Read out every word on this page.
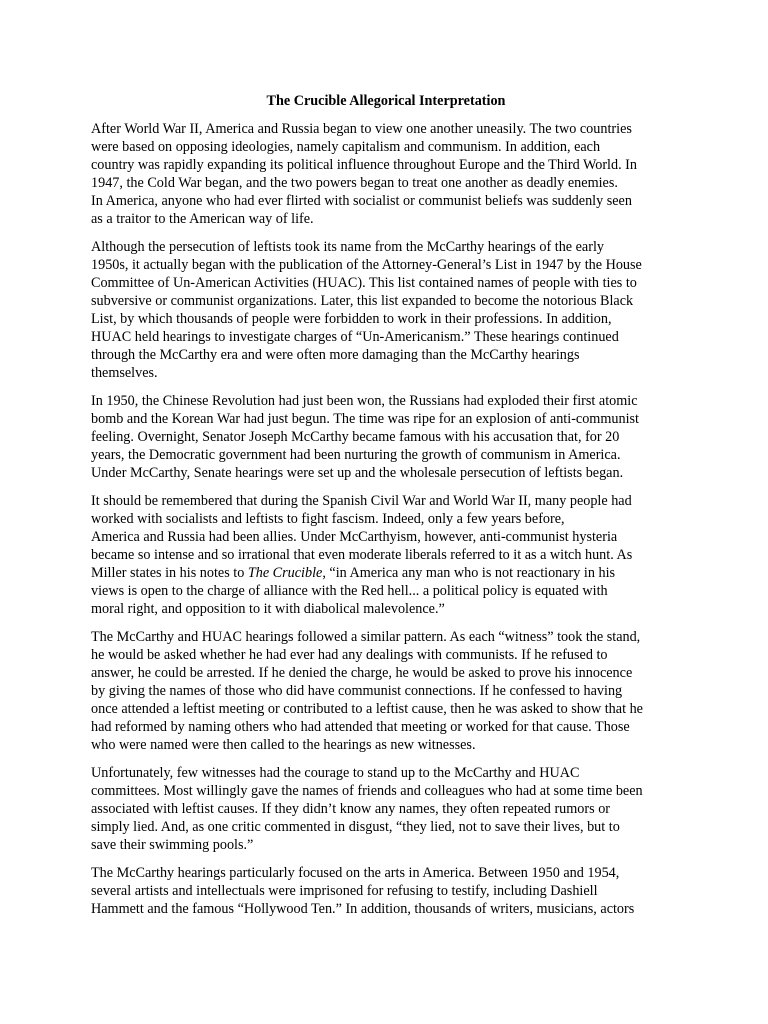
The Crucible Allegorical Interpretation

After World War II, America and Russia began to view one another uneasily. The two countries
were based on opposing ideologies, namely capitalism and communism. In addition, each
country was rapidly expanding its political influence throughout Europe and the Third World. In
1947, the Cold War began, and the two powers began to treat one another as deadly enemies.
In America, anyone who had ever flirted with socialist or communist beliefs was suddenly seen
as a traitor to the American way of life.

Although the persecution of leftists took its name from the McCarthy hearings of the early
1950s, it actually began with the publication of the Attorney-General’s List in 1947 by the House
Committee of Un-American Activities (HUAC). This list contained names of people with ties to
subversive or communist organizations. Later, this list expanded to become the notorious Black
List, by which thousands of people were forbidden to work in their professions. In addition,
HUAC held hearings to investigate charges of “Un-Americanism.” These hearings continued
through the McCarthy era and were often more damaging than the McCarthy hearings
themselves.

In 1950, the Chinese Revolution had just been won, the Russians had exploded their first atomic
bomb and the Korean War had just begun. The time was ripe for an explosion of anti-communist
feeling. Overnight, Senator Joseph McCarthy became famous with his accusation that, for 20
years, the Democratic government had been nurturing the growth of communism in America.
Under McCarthy, Senate hearings were set up and the wholesale persecution of leftists began.

It should be remembered that during the Spanish Civil War and World War II, many people had
worked with socialists and leftists to fight fascism. Indeed, only a few years before,
America and Russia had been allies. Under McCarthyism, however, anti-communist hysteria
became so intense and so irrational that even moderate liberals referred to it as a witch hunt. As
Miller states in his notes to The Crucible, “in America any man who is not reactionary in his
views is open to the charge of alliance with the Red hell... a political policy is equated with
moral right, and opposition to it with diabolical malevolence.”

The McCarthy and HUAC hearings followed a similar pattern. As each “witness” took the stand,
he would be asked whether he had ever had any dealings with communists. If he refused to
answer, he could be arrested. If he denied the charge, he would be asked to prove his innocence
by giving the names of those who did have communist connections. If he confessed to having
once attended a leftist meeting or contributed to a leftist cause, then he was asked to show that he
had reformed by naming others who had attended that meeting or worked for that cause. Those
who were named were then called to the hearings as new witnesses.

Unfortunately, few witnesses had the courage to stand up to the McCarthy and HUAC
committees. Most willingly gave the names of friends and colleagues who had at some time been
associated with leftist causes. If they didn’t know any names, they often repeated rumors or
simply lied. And, as one critic commented in disgust, “they lied, not to save their lives, but to
save their swimming pools.”

The McCarthy hearings particularly focused on the arts in America. Between 1950 and 1954,
several artists and intellectuals were imprisoned for refusing to testify, including Dashiell
Hammett and the famous “Hollywood Ten.” In addition, thousands of writers, musicians, actors
